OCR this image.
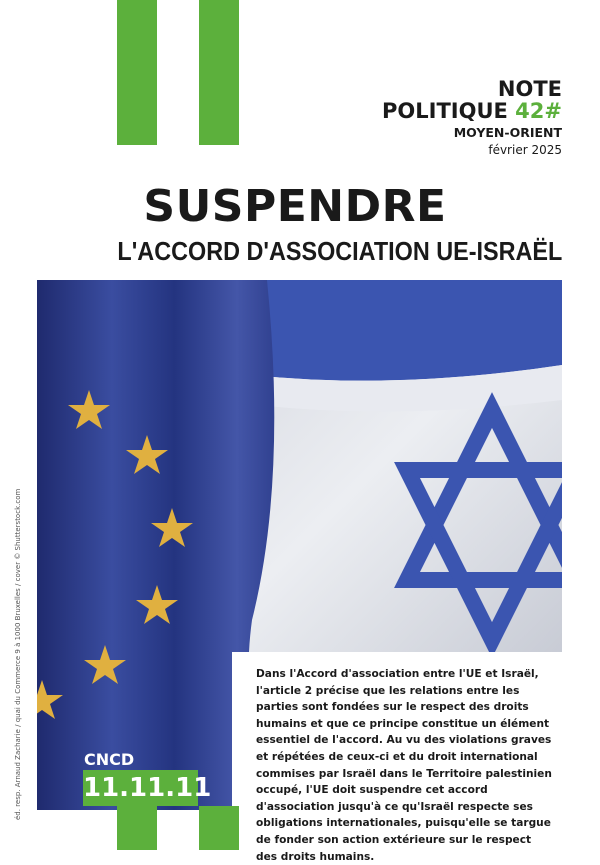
NOTE
POLITIQUE 42#
MOYEN-ORIENT
février 2025
SUSPENDRE
L'ACCORD D'ASSOCIATION UE-ISRAËL

Dans l'Accord d'association entre l'UE et Israël, l'article 2 précise que les relations entre les parties sont fondées sur le respect des droits humains et que ce principe constitue un élément essentiel de l'accord. Au vu des violations graves et répétées de ceux-ci et du droit international commises par Israël dans le Territoire palestinien occupé, l'UE doit suspendre cet accord d'association jusqu'à ce qu'Israël respecte ses obligations internationales, puisqu'elle se targue de fonder son action extérieure sur le respect des droits humains.

CNCD
11.11.11
éd. resp. Arnaud Zacharie / quai du Commerce 9 à 1000 Bruxelles / cover © Shutterstock.com
